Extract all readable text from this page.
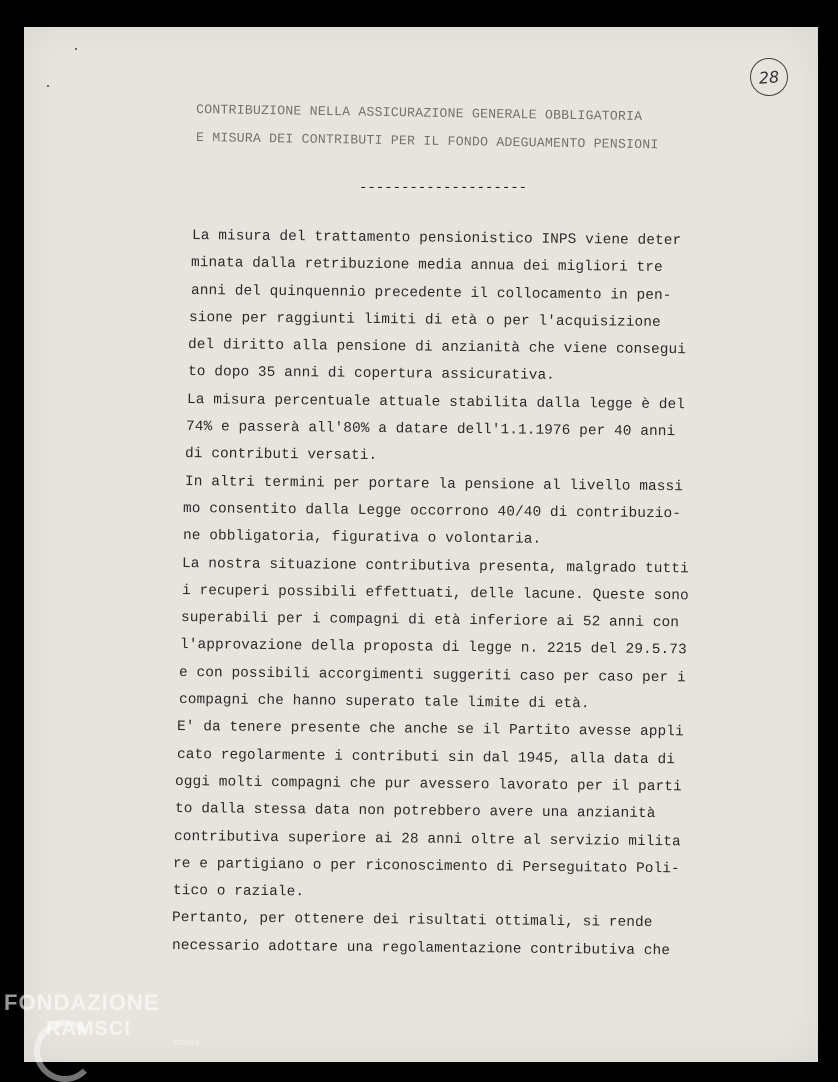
28
CONTRIBUZIONE NELLA ASSICURAZIONE GENERALE OBBLIGATORIA
E MISURA DEI CONTRIBUTI PER IL FONDO ADEGUAMENTO PENSIONI
--------------------
La misura del trattamento pensionistico INPS viene deter
minata dalla retribuzione media annua dei migliori tre
anni del quinquennio precedente il collocamento in pen-
sione per raggiunti limiti di età o per l'acquisizione
del diritto alla pensione di anzianità che viene consegui
to dopo 35 anni di copertura assicurativa.
La misura percentuale attuale stabilita dalla legge è del
74% e passerà all'80% a datare dell'1.1.1976 per 40 anni
di contributi versati.
In altri termini per portare la pensione al livello massi
mo consentito dalla Legge occorrono 40/40 di contribuzio-
ne obbligatoria, figurativa o volontaria.
La nostra situazione contributiva presenta, malgrado tutti
i recuperi possibili effettuati, delle lacune. Queste sono
superabili per i compagni di età inferiore ai 52 anni con
l'approvazione della proposta di legge n. 2215 del 29.5.73
e con possibili accorgimenti suggeriti caso per caso per i
compagni che hanno superato tale limite di età.
E' da tenere presente che anche se il Partito avesse appli
cato regolarmente i contributi sin dal 1945, alla data di
oggi molti compagni che pur avessero lavorato per il parti
to dalla stessa data non potrebbero avere una anzianità
contributiva superiore ai 28 anni oltre al servizio milita
re e partigiano o per riconoscimento di Perseguitato Poli-
tico o raziale.
Pertanto, per ottenere dei risultati ottimali, si rende
necessario adottare una regolamentazione contributiva che
FONDAZIONE
RAMSCI
onlus
